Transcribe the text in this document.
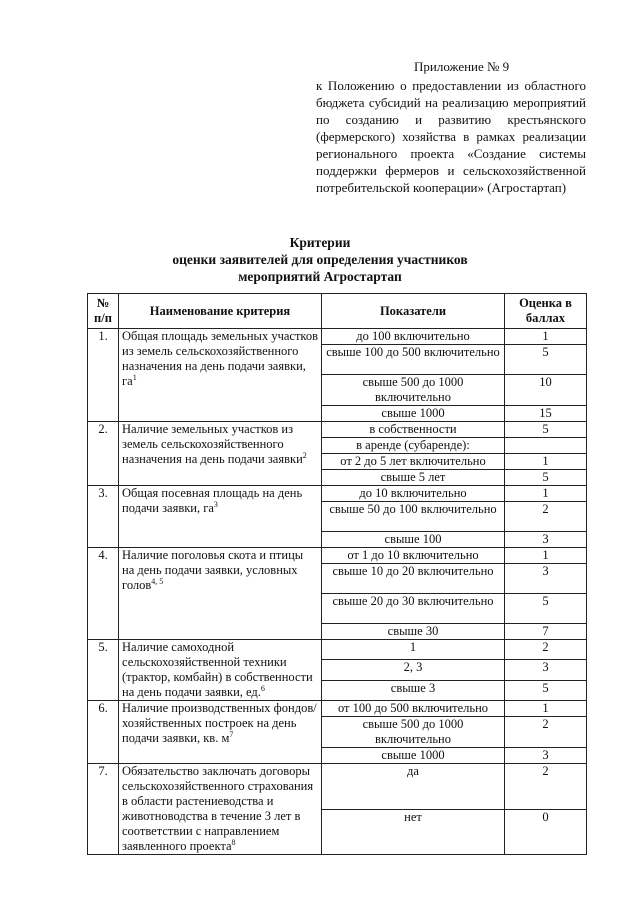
Приложение № 9
к Положению о предоставлении из областного бюджета субсидий на реализацию мероприятий по созданию и развитию крестьянского (фермерского) хозяйства в рамках реализации регионального проекта «Создание системы поддержки фермеров и сельскохозяйственной потребительской кооперации» (Агростартап)
Критерии
оценки заявителей для определения участников
мероприятий Агростартап
№ п/п	Наименование критерия	Показатели	Оценка в баллах
1.	Общая площадь земельных участков из земель сельскохозяйственного назначения на день подачи заявки, $га^1$	до 100 включительно	1
		свыше 100 до 500 включительно	5
		свыше 500 до 1000 включительно	10
		свыше 1000	15
2.	Наличие земельных участков из земель сельскохозяйственного назначения на день подачи заявки$^2$	в собственности	5
		в аренде (субаренде):	
		от 2 до 5 лет включительно	1
		свыше 5 лет	5
3.	Общая посевная площадь на день подачи заявки, $га^3$	до 10 включительно	1
		свыше 50 до 100 включительно	2
		свыше 100	3
4.	Наличие поголовья скота и птицы на день подачи заявки, условных голов$^{4, 5}$	от 1 до 10 включительно	1
		свыше 10 до 20 включительно	3
		свыше 20 до 30 включительно	5
		свыше 30	7
5.	Наличие самоходной сельскохозяйственной техники (трактор, комбайн) в собственности на день подачи заявки, ед.$^6$	1	2
		2, 3	3
		свыше 3	5
6.	Наличие производственных фондов/хозяйственных построек на день подачи заявки, кв. $м^7$	от 100 до 500 включительно	1
		свыше 500 до 1000 включительно	2
		свыше 1000	3
7.	Обязательство заключать договоры сельскохозяйственного страхования в области растениеводства и животноводства в течение 3 лет в соответствии с направлением заявленного проекта$^8$	да	2
		нет	0
